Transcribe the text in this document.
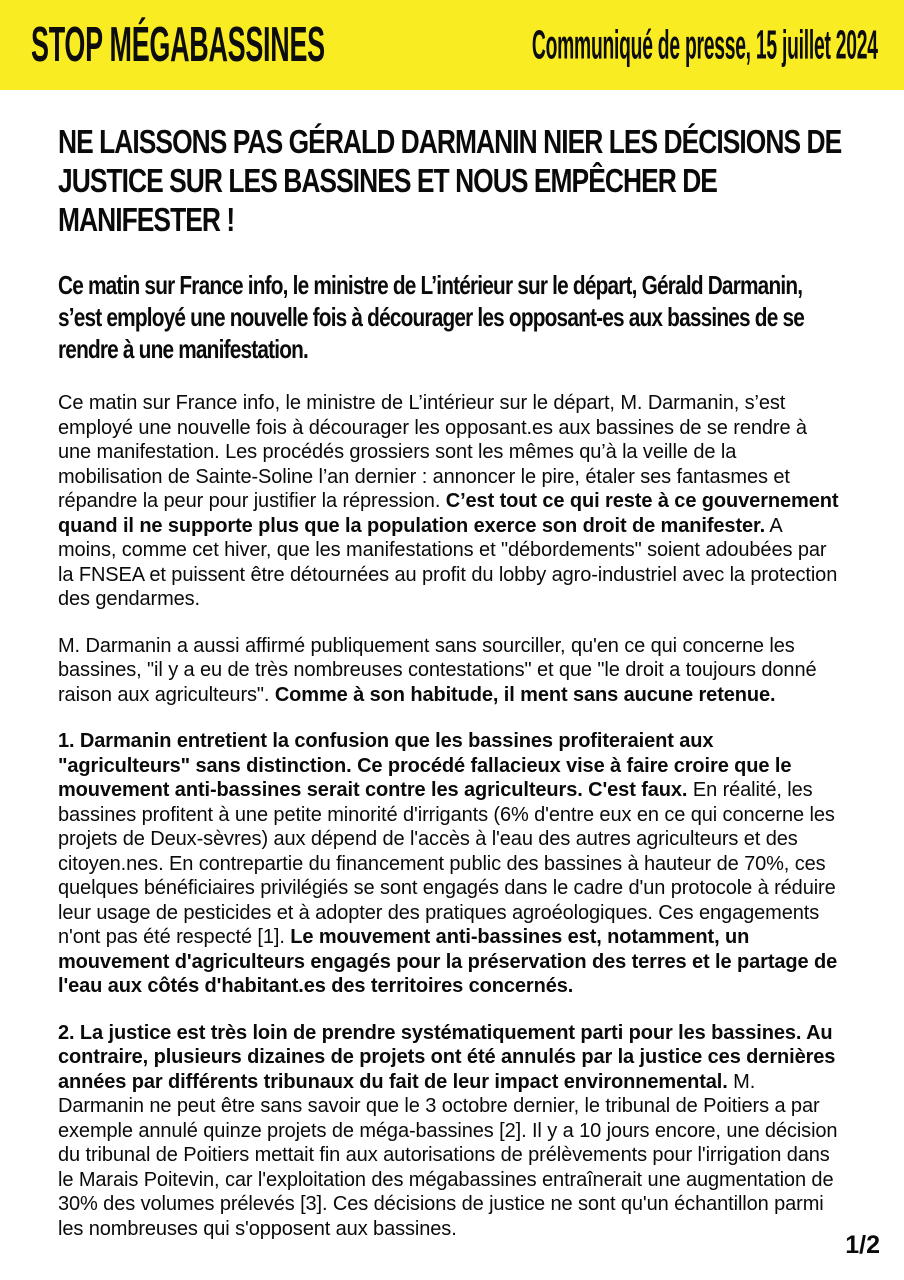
STOP MÉGABASSINES	Communiqué de presse, 15 juillet 2024
NE LAISSONS PAS GÉRALD DARMANIN NIER LES DÉCISIONS DE JUSTICE SUR LES BASSINES ET NOUS EMPÊCHER DE MANIFESTER !
Ce matin sur France info, le ministre de L’intérieur sur le départ, Gérald Darmanin, s’est employé une nouvelle fois à décourager les opposant-es aux bassines de se rendre à une manifestation.

Ce matin sur France info, le ministre de L’intérieur sur le départ, M. Darmanin, s’est employé une nouvelle fois à décourager les opposant.es aux bassines de se rendre à une manifestation. Les procédés grossiers sont les mêmes qu’à la veille de la mobilisation de Sainte-Soline l’an dernier : annoncer le pire, étaler ses fantasmes et répandre la peur pour justifier la répression. C’est tout ce qui reste à ce gouvernement quand il ne supporte plus que la population exerce son droit de manifester. A moins, comme cet hiver, que les manifestations et "débordements" soient adoubées par la FNSEA et puissent être détournées au profit du lobby agro-industriel avec la protection des gendarmes.

M. Darmanin a aussi affirmé publiquement sans sourciller, qu'en ce qui concerne les bassines, "il y a eu de très nombreuses contestations" et que "le droit a toujours donné raison aux agriculteurs". Comme à son habitude, il ment sans aucune retenue.

1. Darmanin entretient la confusion que les bassines profiteraient aux "agriculteurs" sans distinction. Ce procédé fallacieux vise à faire croire que le mouvement anti-bassines serait contre les agriculteurs. C'est faux. En réalité, les bassines profitent à une petite minorité d'irrigants (6% d'entre eux en ce qui concerne les projets de Deux-sèvres) aux dépend de l'accès à l'eau des autres agriculteurs et des citoyen.nes. En contrepartie du financement public des bassines à hauteur de 70%, ces quelques bénéficiaires privilégiés se sont engagés dans le cadre d'un protocole à réduire leur usage de pesticides et à adopter des pratiques agroéologiques. Ces engagements n'ont pas été respecté [1]. Le mouvement anti-bassines est, notamment, un mouvement d'agriculteurs engagés pour la préservation des terres et le partage de l'eau aux côtés d'habitant.es des territoires concernés.

2. La justice est très loin de prendre systématiquement parti pour les bassines. Au contraire, plusieurs dizaines de projets ont été annulés par la justice ces dernières années par différents tribunaux du fait de leur impact environnemental. M. Darmanin ne peut être sans savoir que le 3 octobre dernier, le tribunal de Poitiers a par exemple annulé quinze projets de méga-bassines [2]. Il y a 10 jours encore, une décision du tribunal de Poitiers mettait fin aux autorisations de prélèvements pour l'irrigation dans le Marais Poitevin, car l'exploitation des mégabassines entraînerait une augmentation de 30% des volumes prélevés [3]. Ces décisions de justice ne sont qu'un échantillon parmi les nombreuses qui s'opposent aux bassines.

1/2
